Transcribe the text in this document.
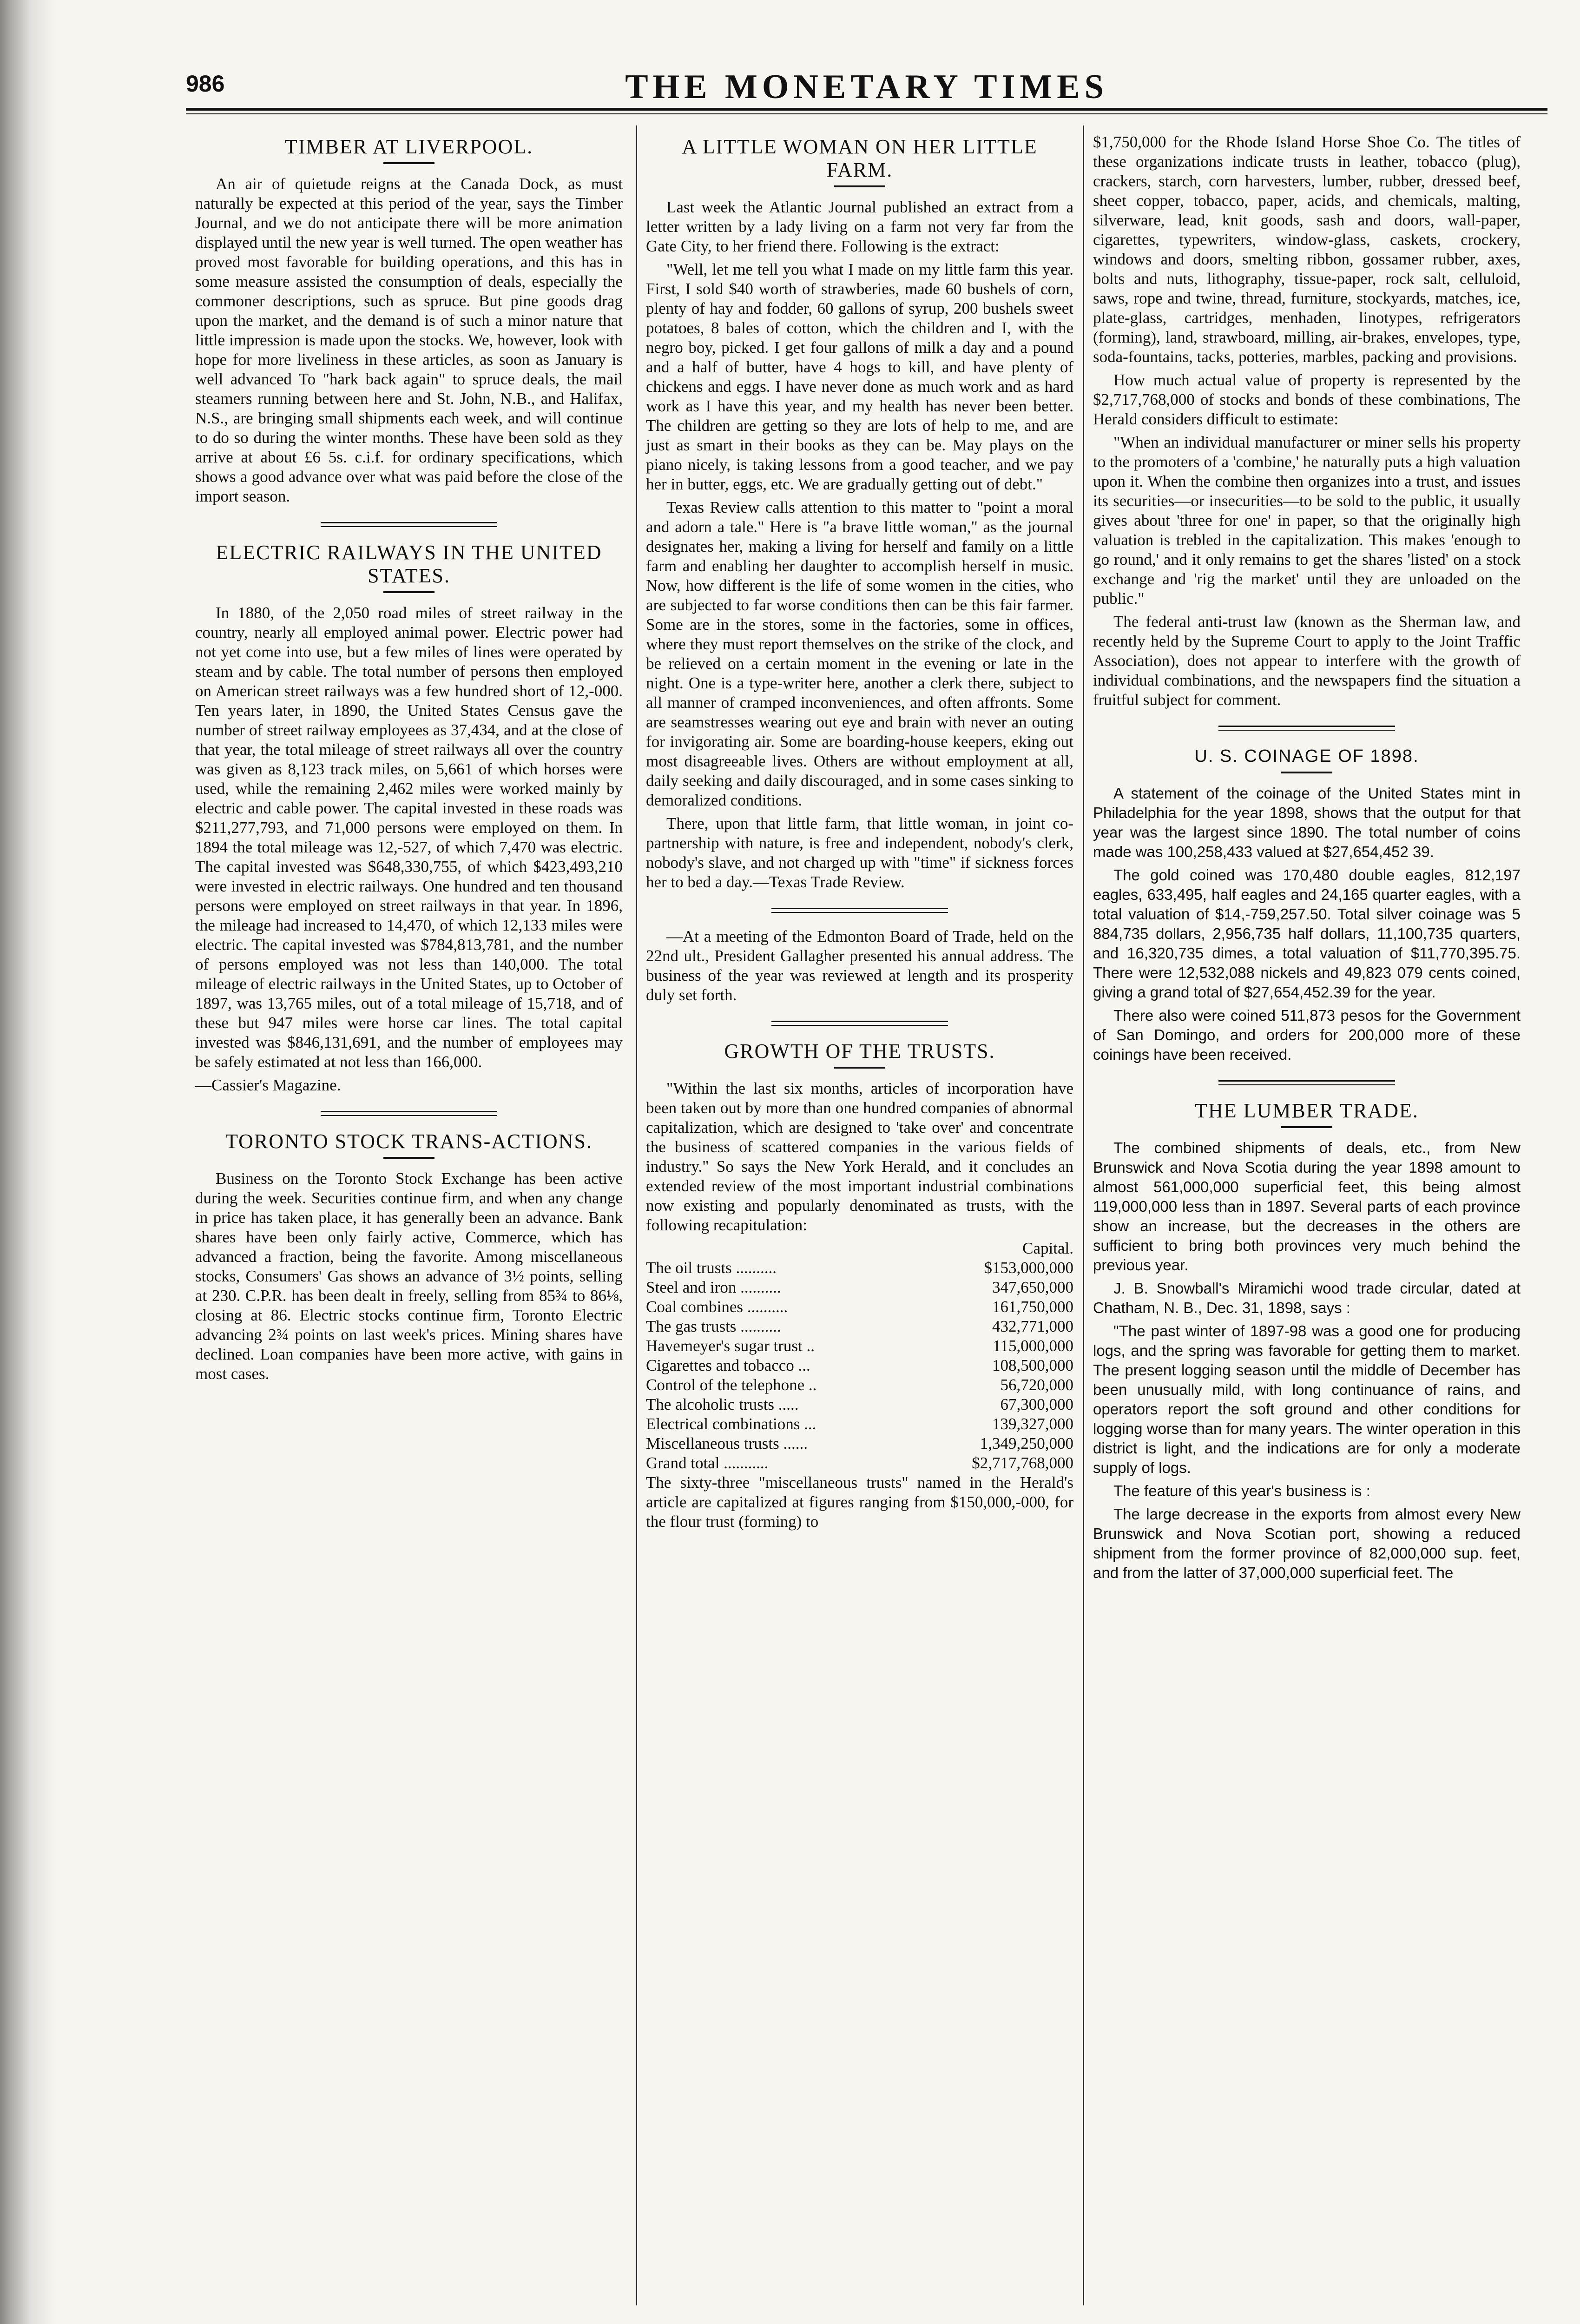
986	THE MONETARY TIMES
TIMBER AT LIVERPOOL.

An air of quietude reigns at the Canada Dock, as must naturally be expected at this period of the year, says the Timber Journal, and we do not anticipate there will be more animation displayed until the new year is well turned. The open weather has proved most favorable for building operations, and this has in some measure assisted the consumption of deals, especially the commoner descriptions, such as spruce. But pine goods drag upon the market, and the demand is of such a minor nature that little impression is made upon the stocks. We, however, look with hope for more liveliness in these articles, as soon as January is well advanced To "hark back again" to spruce deals, the mail steamers running between here and St. John, N.B., and Halifax, N.S., are bringing small shipments each week, and will continue to do so during the winter months. These have been sold as they arrive at about £6 5s. c.i.f. for ordinary specifications, which shows a good advance over what was paid before the close of the import season.

ELECTRIC RAILWAYS IN THE UNITED STATES.

In 1880, of the 2,050 road miles of street railway in the country, nearly all employed animal power. Electric power had not yet come into use, but a few miles of lines were operated by steam and by cable. The total number of persons then employed on American street railways was a few hundred short of 12,-000. Ten years later, in 1890, the United States Census gave the number of street railway employees as 37,434, and at the close of that year, the total mileage of street railways all over the country was given as 8,123 track miles, on 5,661 of which horses were used, while the remaining 2,462 miles were worked mainly by electric and cable power. The capital invested in these roads was $211,277,793, and 71,000 persons were employed on them. In 1894 the total mileage was 12,-527, of which 7,470 was electric. The capital invested was $648,330,755, of which $423,493,210 were invested in electric railways. One hundred and ten thousand persons were employed on street railways in that year. In 1896, the mileage had increased to 14,470, of which 12,133 miles were electric. The capital invested was $784,813,781, and the number of persons employed was not less than 140,000. The total mileage of electric railways in the United States, up to October of 1897, was 13,765 miles, out of a total mileage of 15,718, and of these but 947 miles were horse car lines. The total capital invested was $846,131,691, and the number of employees may be safely estimated at not less than 166,000.

—Cassier's Magazine.

TORONTO STOCK TRANS-ACTIONS.

Business on the Toronto Stock Exchange has been active during the week. Securities continue firm, and when any change in price has taken place, it has generally been an advance. Bank shares have been only fairly active, Commerce, which has advanced a fraction, being the favorite. Among miscellaneous stocks, Consumers' Gas shows an advance of 3½ points, selling at 230. C.P.R. has been dealt in freely, selling from 85¾ to 86⅛, closing at 86. Electric stocks continue firm, Toronto Electric advancing 2¾ points on last week's prices. Mining shares have declined. Loan companies have been more active, with gains in most cases.

A LITTLE WOMAN ON HER LITTLE FARM.

Last week the Atlantic Journal published an extract from a letter written by a lady living on a farm not very far from the Gate City, to her friend there. Following is the extract:

"Well, let me tell you what I made on my little farm this year. First, I sold $40 worth of strawberies, made 60 bushels of corn, plenty of hay and fodder, 60 gallons of syrup, 200 bushels sweet potatoes, 8 bales of cotton, which the children and I, with the negro boy, picked. I get four gallons of milk a day and a pound and a half of butter, have 4 hogs to kill, and have plenty of chickens and eggs. I have never done as much work and as hard work as I have this year, and my health has never been better. The children are getting so they are lots of help to me, and are just as smart in their books as they can be. May plays on the piano nicely, is taking lessons from a good teacher, and we pay her in butter, eggs, etc. We are gradually getting out of debt."

Texas Review calls attention to this matter to "point a moral and adorn a tale." Here is "a brave little woman," as the journal designates her, making a living for herself and family on a little farm and enabling her daughter to accomplish herself in music. Now, how different is the life of some women in the cities, who are subjected to far worse conditions then can be this fair farmer. Some are in the stores, some in the factories, some in offices, where they must report themselves on the strike of the clock, and be relieved on a certain moment in the evening or late in the night. One is a type-writer here, another a clerk there, subject to all manner of cramped inconveniences, and often affronts. Some are seamstresses wearing out eye and brain with never an outing for invigorating air. Some are boarding-house keepers, eking out most disagreeable lives. Others are without employment at all, daily seeking and daily discouraged, and in some cases sinking to demoralized conditions.

There, upon that little farm, that little woman, in joint co-partnership with nature, is free and independent, nobody's clerk, nobody's slave, and not charged up with "time" if sickness forces her to bed a day.—Texas Trade Review.

—At a meeting of the Edmonton Board of Trade, held on the 22nd ult., President Gallagher presented his annual address. The business of the year was reviewed at length and its prosperity duly set forth.

GROWTH OF THE TRUSTS.

"Within the last six months, articles of incorporation have been taken out by more than one hundred companies of abnormal capitalization, which are designed to 'take over' and concentrate the business of scattered companies in the various fields of industry." So says the New York Herald, and it concludes an extended review of the most important industrial combinations now existing and popularly denominated as trusts, with the following recapitulation:

	Capital.
The oil trusts ..........	$153,000,000
Steel and iron ..........	347,650,000
Coal combines ..........	161,750,000
The gas trusts ..........	432,771,000
Havemeyer's sugar trust ..	115,000,000
Cigarettes and tobacco ...	108,500,000
Control of the telephone ..	56,720,000
The alcoholic trusts .....	67,300,000
Electrical combinations ...	139,327,000
Miscellaneous trusts ......	1,349,250,000
Grand total ...........	$2,717,768,000

The sixty-three "miscellaneous trusts" named in the Herald's article are capitalized at figures ranging from $150,000,-000, for the flour trust (forming) to

$1,750,000 for the Rhode Island Horse Shoe Co. The titles of these organizations indicate trusts in leather, tobacco (plug), crackers, starch, corn harvesters, lumber, rubber, dressed beef, sheet copper, tobacco, paper, acids, and chemicals, malting, silverware, lead, knit goods, sash and doors, wall-paper, cigarettes, typewriters, window-glass, caskets, crockery, windows and doors, smelting ribbon, gossamer rubber, axes, bolts and nuts, lithography, tissue-paper, rock salt, celluloid, saws, rope and twine, thread, furniture, stockyards, matches, ice, plate-glass, cartridges, menhaden, linotypes, refrigerators (forming), land, strawboard, milling, air-brakes, envelopes, type, soda-fountains, tacks, potteries, marbles, packing and provisions.

How much actual value of property is represented by the $2,717,768,000 of stocks and bonds of these combinations, The Herald considers difficult to estimate:

"When an individual manufacturer or miner sells his property to the promoters of a 'combine,' he naturally puts a high valuation upon it. When the combine then organizes into a trust, and issues its securities—or insecurities—to be sold to the public, it usually gives about 'three for one' in paper, so that the originally high valuation is trebled in the capitalization. This makes 'enough to go round,' and it only remains to get the shares 'listed' on a stock exchange and 'rig the market' until they are unloaded on the public."

The federal anti-trust law (known as the Sherman law, and recently held by the Supreme Court to apply to the Joint Traffic Association), does not appear to interfere with the growth of individual combinations, and the newspapers find the situation a fruitful subject for comment.

U. S. COINAGE OF 1898.

A statement of the coinage of the United States mint in Philadelphia for the year 1898, shows that the output for that year was the largest since 1890. The total number of coins made was 100,258,433 valued at $27,654,452 39.

The gold coined was 170,480 double eagles, 812,197 eagles, 633,495, half eagles and 24,165 quarter eagles, with a total valuation of $14,-759,257.50. Total silver coinage was 5 884,735 dollars, 2,956,735 half dollars, 11,100,735 quarters, and 16,320,735 dimes, a total valuation of $11,770,395.75. There were 12,532,088 nickels and 49,823 079 cents coined, giving a grand total of $27,654,452.39 for the year.

There also were coined 511,873 pesos for the Government of San Domingo, and orders for 200,000 more of these coinings have been received.

THE LUMBER TRADE.

The combined shipments of deals, etc., from New Brunswick and Nova Scotia during the year 1898 amount to almost 561,000,000 superficial feet, this being almost 119,000,000 less than in 1897. Several parts of each province show an increase, but the decreases in the others are sufficient to bring both provinces very much behind the previous year.

J. B. Snowball's Miramichi wood trade circular, dated at Chatham, N. B., Dec. 31, 1898, says :

"The past winter of 1897-98 was a good one for producing logs, and the spring was favorable for getting them to market. The present logging season until the middle of December has been unusually mild, with long continuance of rains, and operators report the soft ground and other conditions for logging worse than for many years. The winter operation in this district is light, and the indications are for only a moderate supply of logs.

The feature of this year's business is :

The large decrease in the exports from almost every New Brunswick and Nova Scotian port, showing a reduced shipment from the former province of 82,000,000 sup. feet, and from the latter of 37,000,000 superficial feet. The
